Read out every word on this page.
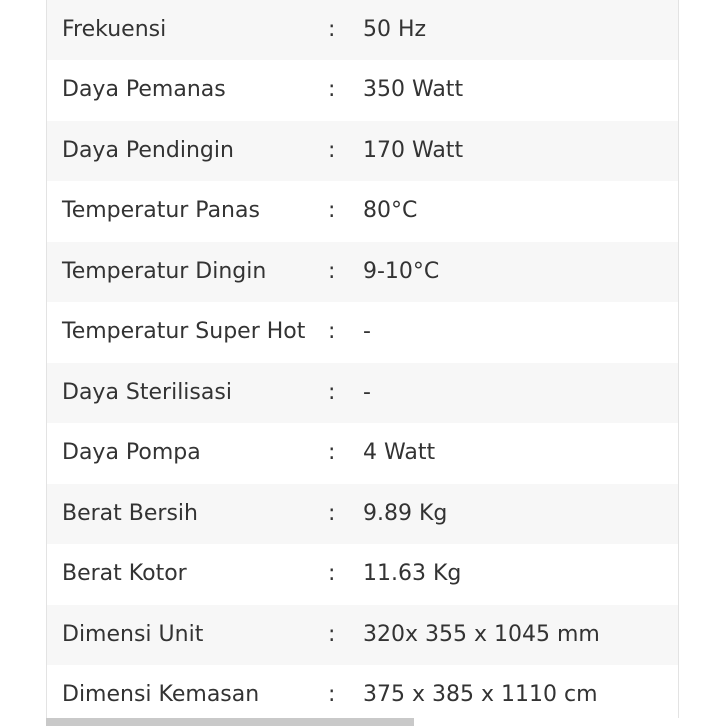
Frekuensi	: 50 Hz
Daya Pemanas	: 350 Watt
Daya Pendingin	: 170 Watt
Temperatur Panas	: 80°C
Temperatur Dingin	: 9-10°C
Temperatur Super Hot : -
Daya Sterilisasi	: -
Daya Pompa	: 4 Watt
Berat Bersih	: 9.89 Kg
Berat Kotor	: 11.63 Kg
Dimensi Unit	: 320x 355 x 1045 mm
Dimensi Kemasan	: 375 x 385 x 1110 cm
